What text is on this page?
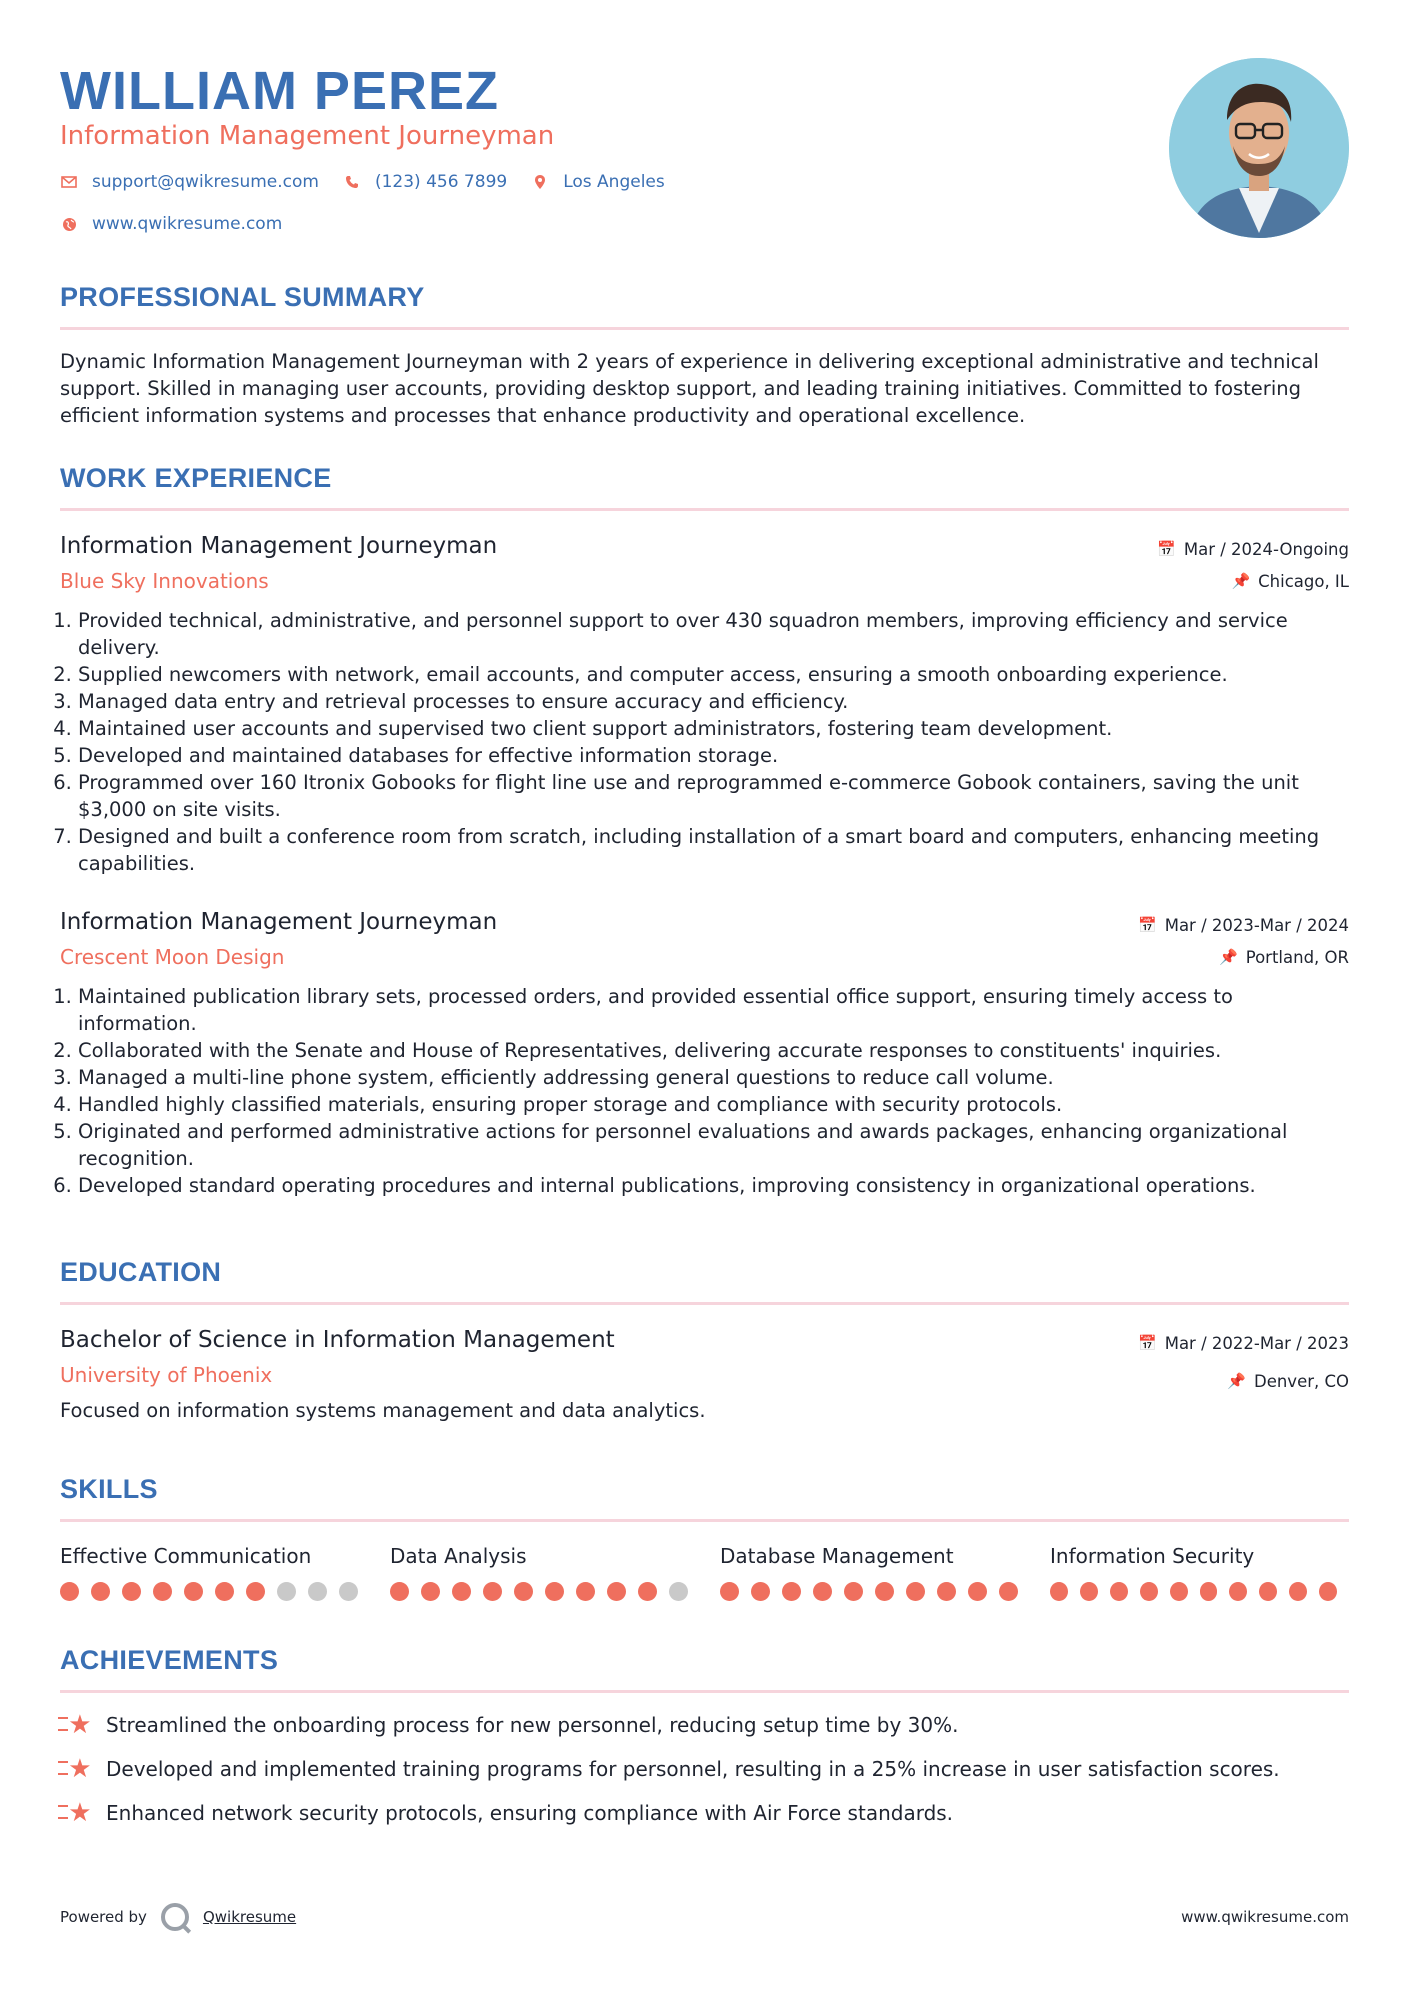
WILLIAM PEREZ
Information Management Journeyman
support@qwikresume.com	(123) 456 7899	Los Angeles
www.qwikresume.com
PROFESSIONAL SUMMARY
Dynamic Information Management Journeyman with 2 years of experience in delivering exceptional administrative and technical support. Skilled in managing user accounts, providing desktop support, and leading training initiatives. Committed to fostering efficient information systems and processes that enhance productivity and operational excellence.
WORK EXPERIENCE
Information Management Journeyman
Blue Sky Innovations
📅 Mar / 2024-Ongoing
📌 Chicago, IL
1. Provided technical, administrative, and personnel support to over 430 squadron members, improving efficiency and service delivery.
2. Supplied newcomers with network, email accounts, and computer access, ensuring a smooth onboarding experience.
3. Managed data entry and retrieval processes to ensure accuracy and efficiency.
4. Maintained user accounts and supervised two client support administrators, fostering team development.
5. Developed and maintained databases for effective information storage.
6. Programmed over 160 Itronix Gobooks for flight line use and reprogrammed e-commerce Gobook containers, saving the unit $3,000 on site visits.
7. Designed and built a conference room from scratch, including installation of a smart board and computers, enhancing meeting capabilities.
Information Management Journeyman
Crescent Moon Design
📅 Mar / 2023-Mar / 2024
📌 Portland, OR
1. Maintained publication library sets, processed orders, and provided essential office support, ensuring timely access to information.
2. Collaborated with the Senate and House of Representatives, delivering accurate responses to constituents' inquiries.
3. Managed a multi-line phone system, efficiently addressing general questions to reduce call volume.
4. Handled highly classified materials, ensuring proper storage and compliance with security protocols.
5. Originated and performed administrative actions for personnel evaluations and awards packages, enhancing organizational recognition.
6. Developed standard operating procedures and internal publications, improving consistency in organizational operations.
EDUCATION
Bachelor of Science in Information Management
University of Phoenix
📅 Mar / 2022-Mar / 2023
📌 Denver, CO
Focused on information systems management and data analytics.
SKILLS
Effective Communication	Data Analysis	Database Management	Information Security
ACHIEVEMENTS
★ Streamlined the onboarding process for new personnel, reducing setup time by 30%.
★ Developed and implemented training programs for personnel, resulting in a 25% increase in user satisfaction scores.
★ Enhanced network security protocols, ensuring compliance with Air Force standards.
Powered by	Qwikresume	www.qwikresume.com
